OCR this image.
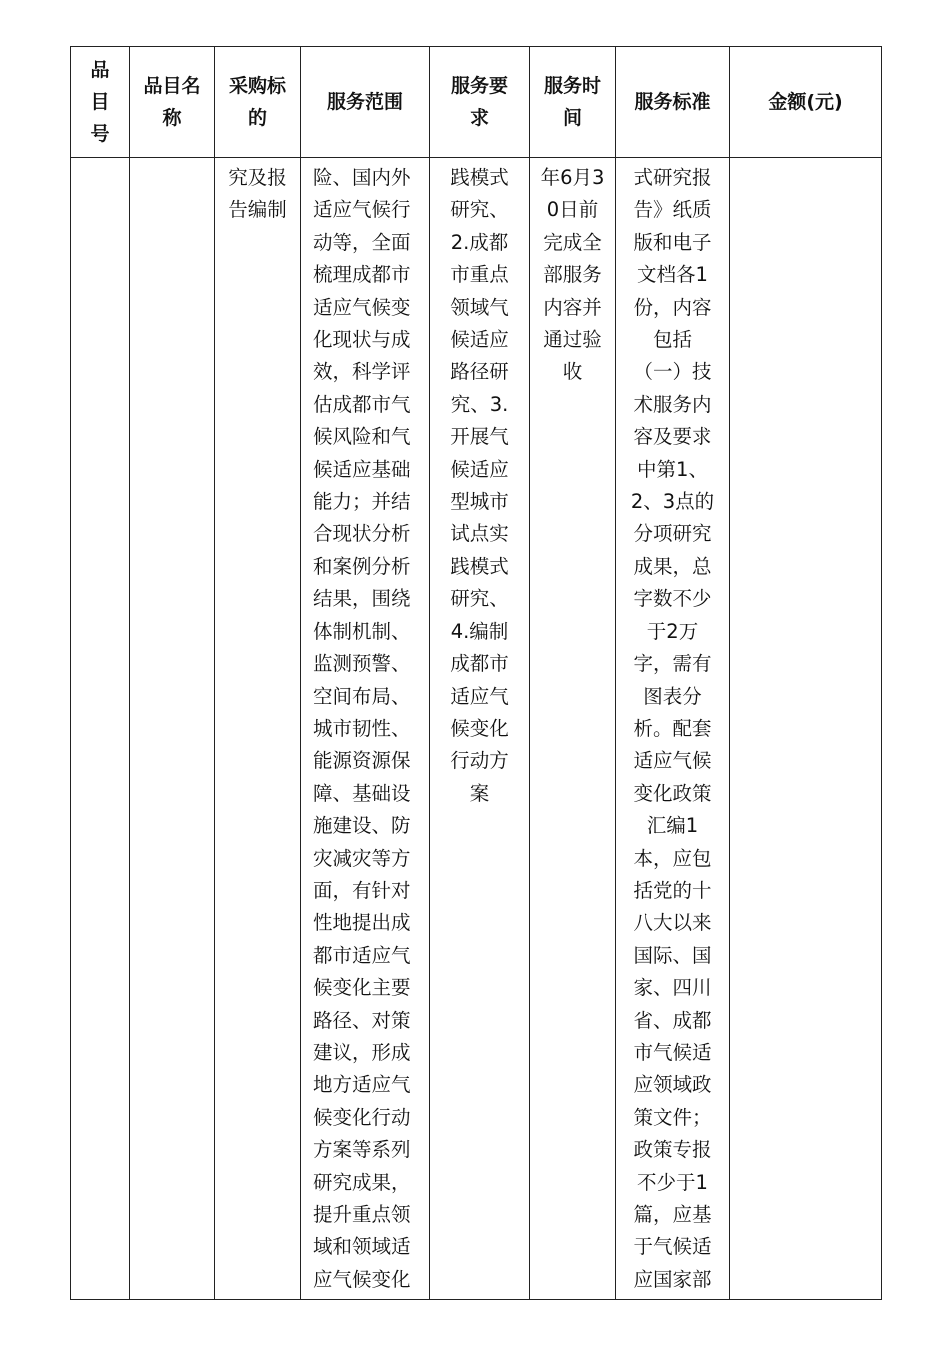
品目号	品目名称	采购标的	服务范围	服务要求	服务时间	服务标准	金额(元)

		究及报告编制	险、国内外适应气候行动等，全面梳理成都市适应气候变化现状与成效，科学评估成都市气候风险和气候适应基础能力；并结合现状分析和案例分析结果，围绕体制机制、监测预警、空间布局、城市韧性、能源资源保障、基础设施建设、防灾减灾等方面，有针对性地提出成都市适应气候变化主要路径、对策建议，形成地方适应气候变化行动方案等系列研究成果，提升重点领域和领域适应气候变化	践模式研究、2.成都市重点领域气候适应路径研究、3.开展气候适应型城市试点实践模式研究、4.编制成都市适应气候变化行动方案	年6月30日前完成全部服务内容并通过验收	式研究报告》纸质版和电子文档各1份，内容包括（一）技术服务内容及要求中第1、2、3点的分项研究成果，总字数不少于2万字，需有图表分析。配套适应气候变化政策汇编1本，应包括党的十八大以来国际、国家、四川省、成都市气候适应领域政策文件；政策专报不少于1篇，应基于气候适应国家部	
